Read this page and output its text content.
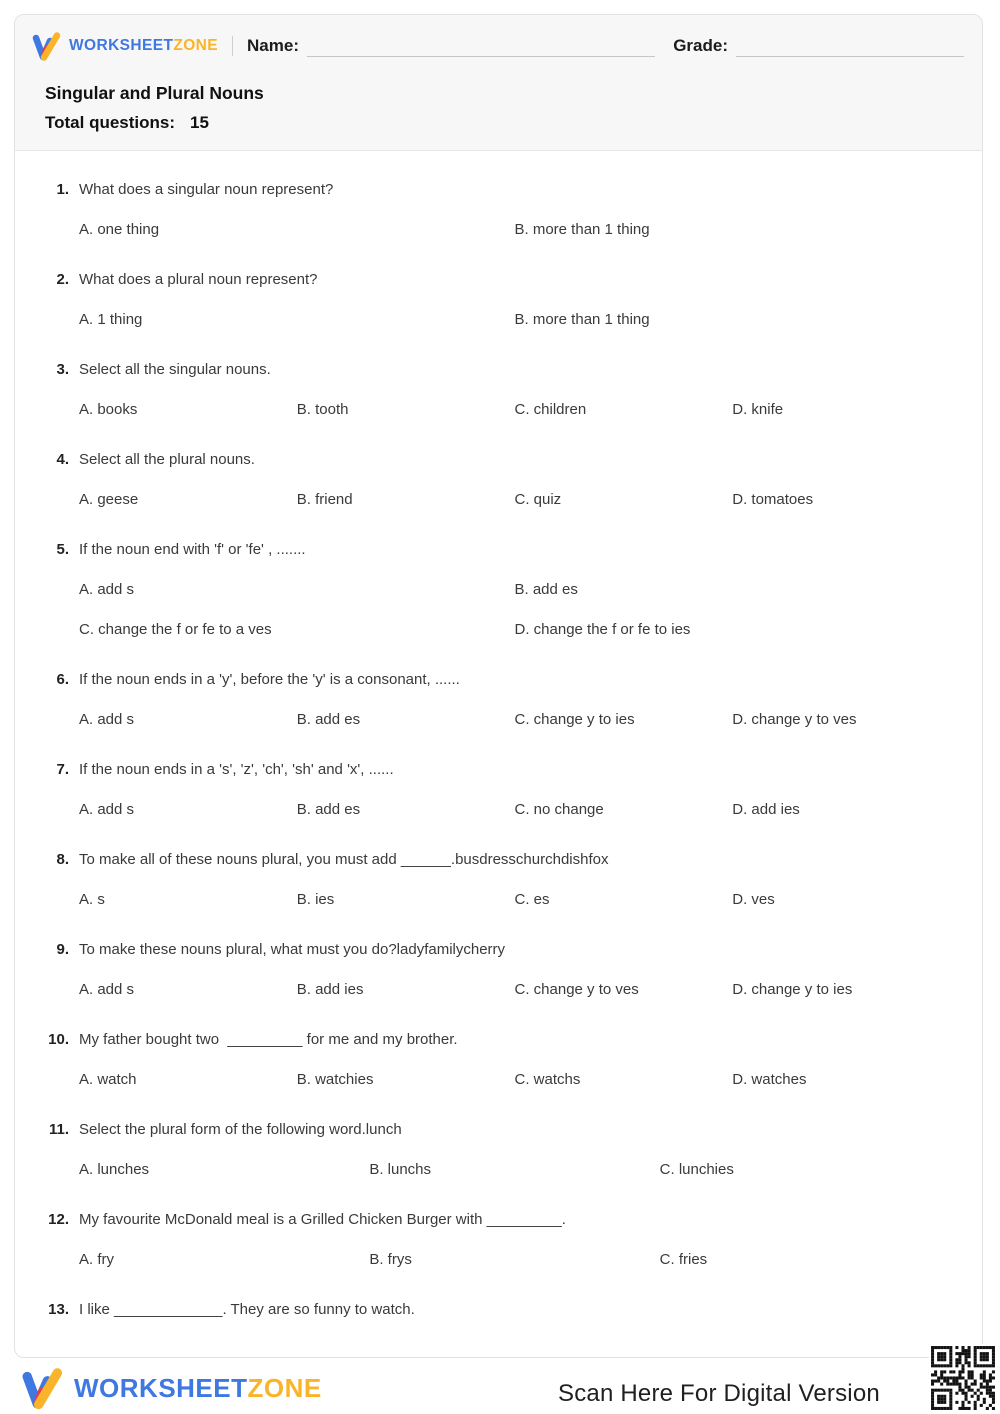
WORKSHEETZONE Name:	Grade:
Singular and Plural Nouns
Total questions: 15
1. What does a singular noun represent?
A. one thing	B. more than 1 thing
2. What does a plural noun represent?
A. 1 thing	B. more than 1 thing
3. Select all the singular nouns.
A. books	B. tooth	C. children	D. knife
4. Select all the plural nouns.
A. geese	B. friend	C. quiz	D. tomatoes
5. If the noun end with 'f' or 'fe' , .......
A. add s	B. add es
C. change the f or fe to a ves	D. change the f or fe to ies
6. If the noun ends in a 'y', before the 'y' is a consonant, ......
A. add s	B. add es	C. change y to ies	D. change y to ves
7. If the noun ends in a 's', 'z', 'ch', 'sh' and 'x', ......
A. add s	B. add es	C. no change	D. add ies
8. To make all of these nouns plural, you must add ______.busdresschurchdishfox
A. s	B. ies	C. es	D. ves
9. To make these nouns plural, what must you do?ladyfamilycherry
A. add s	B. add ies	C. change y to ves	D. change y to ies
10. My father bought two  _________ for me and my brother.
A. watch	B. watchies	C. watchs	D. watches
11. Select the plural form of the following word.lunch
A. lunches	B. lunchs	C. lunchies
12. My favourite McDonald meal is a Grilled Chicken Burger with _________.
A. fry	B. frys	C. fries
13. I like _____________. They are so funny to watch.
WORKSHEETZONE	Scan Here For Digital Version
